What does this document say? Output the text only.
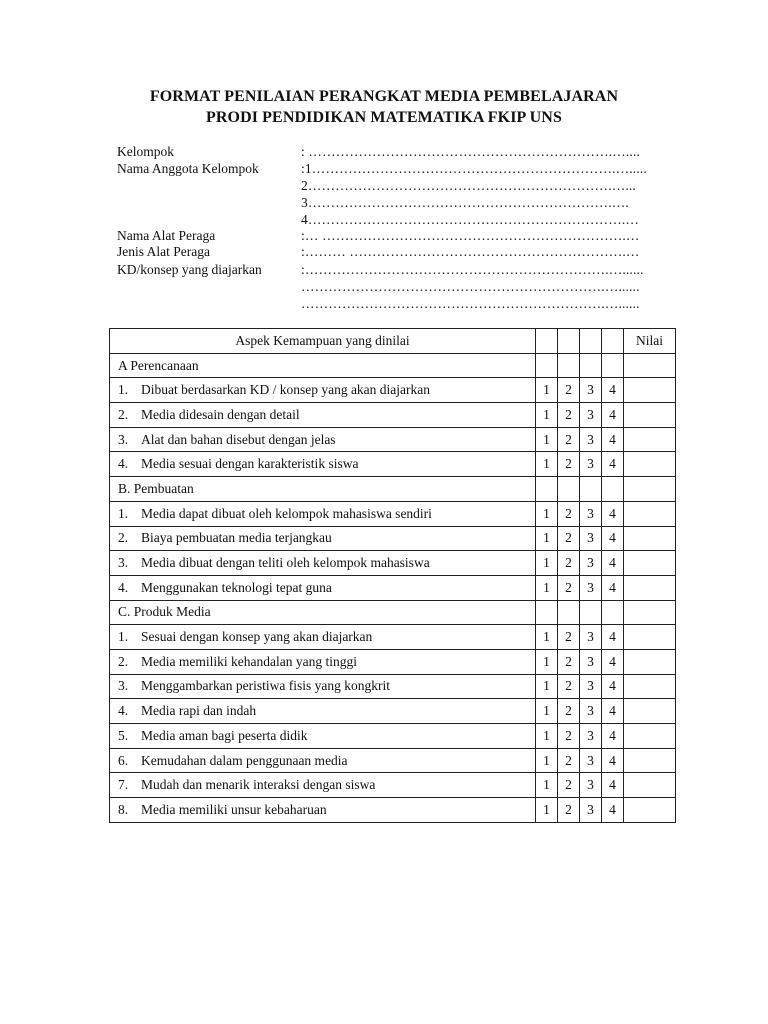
FORMAT PENILAIAN PERANGKAT MEDIA PEMBELAJARAN
PRODI PENDIDIKAN MATEMATIKA FKIP UNS
Kelompok	: ………………………………………………………….…....
Nama Anggota Kelompok	:1………………………………………………………….….....
2………………………………………………………….…...
3………………………………………………………….….
4…………………………………………………………….…
Nama Alat Peraga	:… ………………………………………………………….…
Jenis Alat Peraga	:……… …………………………………………………….…
KD/konsep yang diajarkan	:………………………………………………………….…......
………………………………………………………….…......
………………………………………………………….…......
Aspek Kemampuan yang dinilai					Nilai
A Perencanaan					
1. Dibuat berdasarkan KD / konsep yang akan diajarkan	1	2	3	4	
2. Media didesain dengan detail	1	2	3	4	
3. Alat dan bahan disebut dengan jelas	1	2	3	4	
4. Media sesuai dengan karakteristik siswa	1	2	3	4	
B. Pembuatan					
1. Media dapat dibuat oleh kelompok mahasiswa sendiri	1	2	3	4	
2. Biaya pembuatan media terjangkau	1	2	3	4	
3. Media dibuat dengan teliti oleh kelompok mahasiswa	1	2	3	4	
4. Menggunakan teknologi tepat guna	1	2	3	4	
C. Produk Media					
1. Sesuai dengan konsep yang akan diajarkan	1	2	3	4	
2. Media memiliki kehandalan yang tinggi	1	2	3	4	
3. Menggambarkan peristiwa fisis yang kongkrit	1	2	3	4	
4. Media rapi dan indah	1	2	3	4	
5. Media aman bagi peserta didik	1	2	3	4	
6. Kemudahan dalam penggunaan media	1	2	3	4	
7. Mudah dan menarik interaksi dengan siswa	1	2	3	4	
8. Media memiliki unsur kebaharuan	1	2	3	4	
